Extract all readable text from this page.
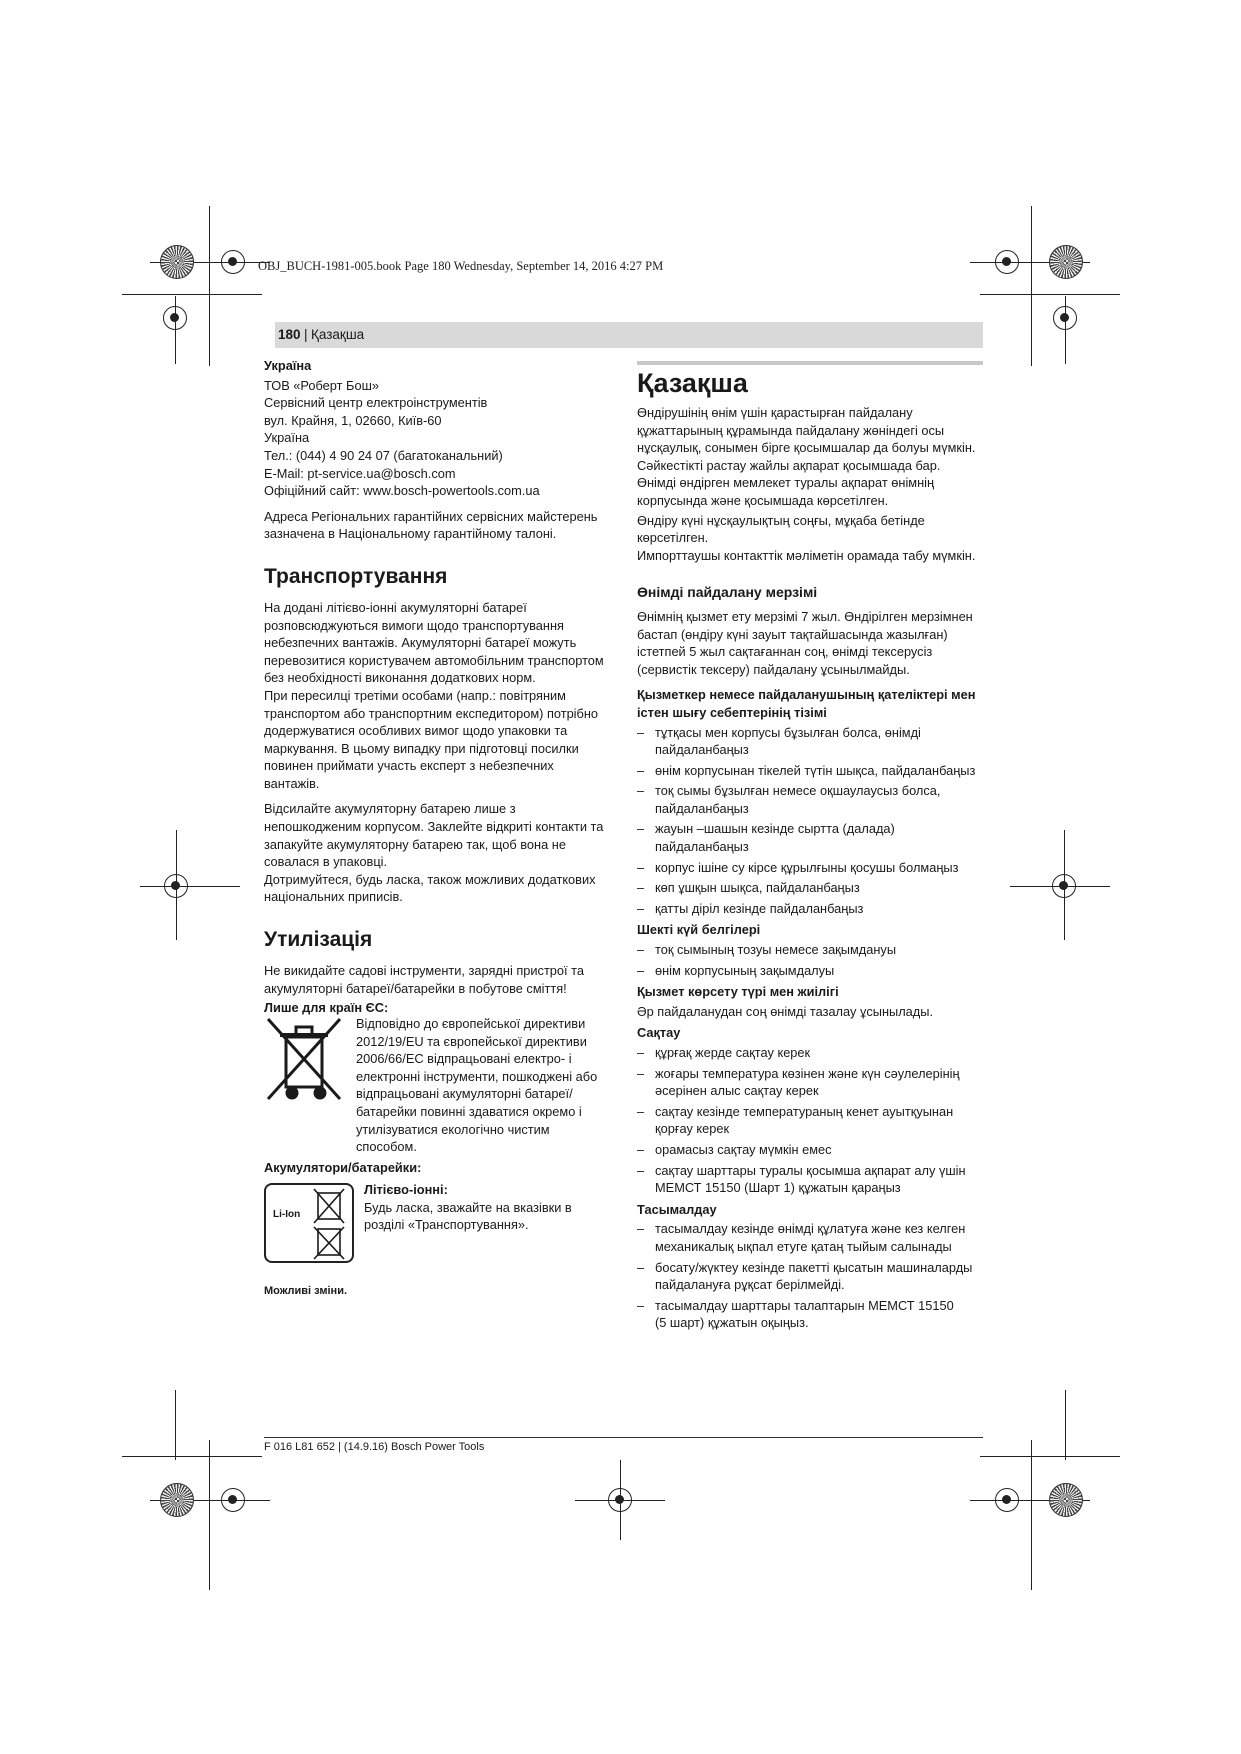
OBJ_BUCH-1981-005.book Page 180 Wednesday, September 14, 2016 4:27 PM
180 | Қазақша
Україна

ТОВ «Роберт Бош»
Сервісний центр електроінструментів
вул. Крайня, 1, 02660, Київ-60
Україна
Тел.: (044) 4 90 24 07 (багатоканальний)
E-Mail: pt-service.ua@bosch.com
Офіційний сайт: www.bosch-powertools.com.ua

Адреса Регіональних гарантійних сервісних майстерень
зазначена в Національному гарантійному талоні.

Транспортування

На додані літієво-іонні акумуляторні батареї
розповсюджуються вимоги щодо транспортування
небезпечних вантажів. Акумуляторні батареї можуть
перевозитися користувачем автомобільним транспортом
без необхідності виконання додаткових норм.
При пересилці третіми особами (напр.: повітряним
транспортом або транспортним експедитором) потрібно
додержуватися особливих вимог щодо упаковки та
маркування. В цьому випадку при підготовці посилки
повинен приймати участь експерт з небезпечних
вантажів.

Відсилайте акумуляторну батарею лише з
непошкодженим корпусом. Заклейте відкриті контакти та
запакуйте акумуляторну батарею так, щоб вона не
совалася в упаковці.
Дотримуйтеся, будь ласка, також можливих додаткових
національних приписів.

Утилізація

Не викидайте садові інструменти, зарядні пристрої та
акумуляторні батареї/батарейки в побутове сміття!

Лише для країн ЄС:
Відповідно до європейської директиви
2012/19/EU та європейської директиви
2006/66/EC відпрацьовані електро- і
електронні інструменти, пошкоджені або
відпрацьовані акумуляторні батареї/
батарейки повинні здаватися окремо і
утилізуватися екологічно чистим
способом.
Акумулятори/батарейки:
Li-Ion
Літієво-іонні:
Будь ласка, зважайте на вказівки в
розділі «Транспортування».
Можливі зміни.
Қазақша

Өндірушінің өнім үшін қарастырған пайдалану
құжаттарының құрамында пайдалану жөніндегі осы
нұсқаулық, сонымен бірге қосымшалар да болуы мүмкін.
Сәйкестікті растау жайлы ақпарат қосымшада бар.
Өнімді өндірген мемлекет туралы ақпарат өнімнің
корпусында және қосымшада көрсетілген.

Өндіру күні нұсқаулықтың соңғы, мұқаба бетінде
көрсетілген.
Импорттаушы контакттік мәліметін орамада табу мүмкін.

Өнімді пайдалану мерзімі

Өнімнің қызмет ету мерзімі 7 жыл. Өндірілген мерзімнен
бастап (өндіру күні зауыт тақтайшасында жазылған)
істетпей 5 жыл сақтағаннан соң, өнімді тексерусіз
(сервистік тексеру) пайдалану ұсынылмайды.

Қызметкер немесе пайдаланушының қателіктері мен
істен шығу себептерінің тізімі
– тұтқасы мен корпусы бұзылған болса, өнімді
пайдаланбаңыз
– өнім корпусынан тікелей түтін шықса, пайдаланбаңыз
– тоқ сымы бұзылған немесе оқшаулаусыз болса,
пайдаланбаңыз
– жауын –шашын кезінде сыртта (далада)
пайдаланбаңыз
– корпус ішіне су кірсе құрылғыны қосушы болмаңыз
– көп ұшқын шықса, пайдаланбаңыз
– қатты діріл кезінде пайдаланбаңыз
Шекті күй белгілері
– тоқ сымының тозуы немесе зақымдануы
– өнім корпусының зақымдалуы
Қызмет көрсету түрі мен жиілігі

Әр пайдаланудан соң өнімді тазалау ұсынылады.

Сақтау
– құрғақ жерде сақтау керек
– жоғары температура көзінен және күн сәулелерінің
әсерінен алыс сақтау керек
– сақтау кезінде температураның кенет ауытқуынан
қорғау керек
– орамасыз сақтау мүмкін емес
– сақтау шарттары туралы қосымша ақпарат алу үшін
МЕМСТ 15150 (Шарт 1) құжатын қараңыз
Тасымалдау
– тасымалдау кезінде өнімді құлатуға және кез келген
механикалық ықпал етуге қатаң тыйым салынады
– босату/жүктеу кезінде пакетті қысатын машиналарды
пайдалануға рұқсат берілмейді.
– тасымалдау шарттары талаптарын МЕМСТ 15150
(5 шарт) құжатын оқыңыз.
F 016 L81 652 | (14.9.16) Bosch Power Tools
